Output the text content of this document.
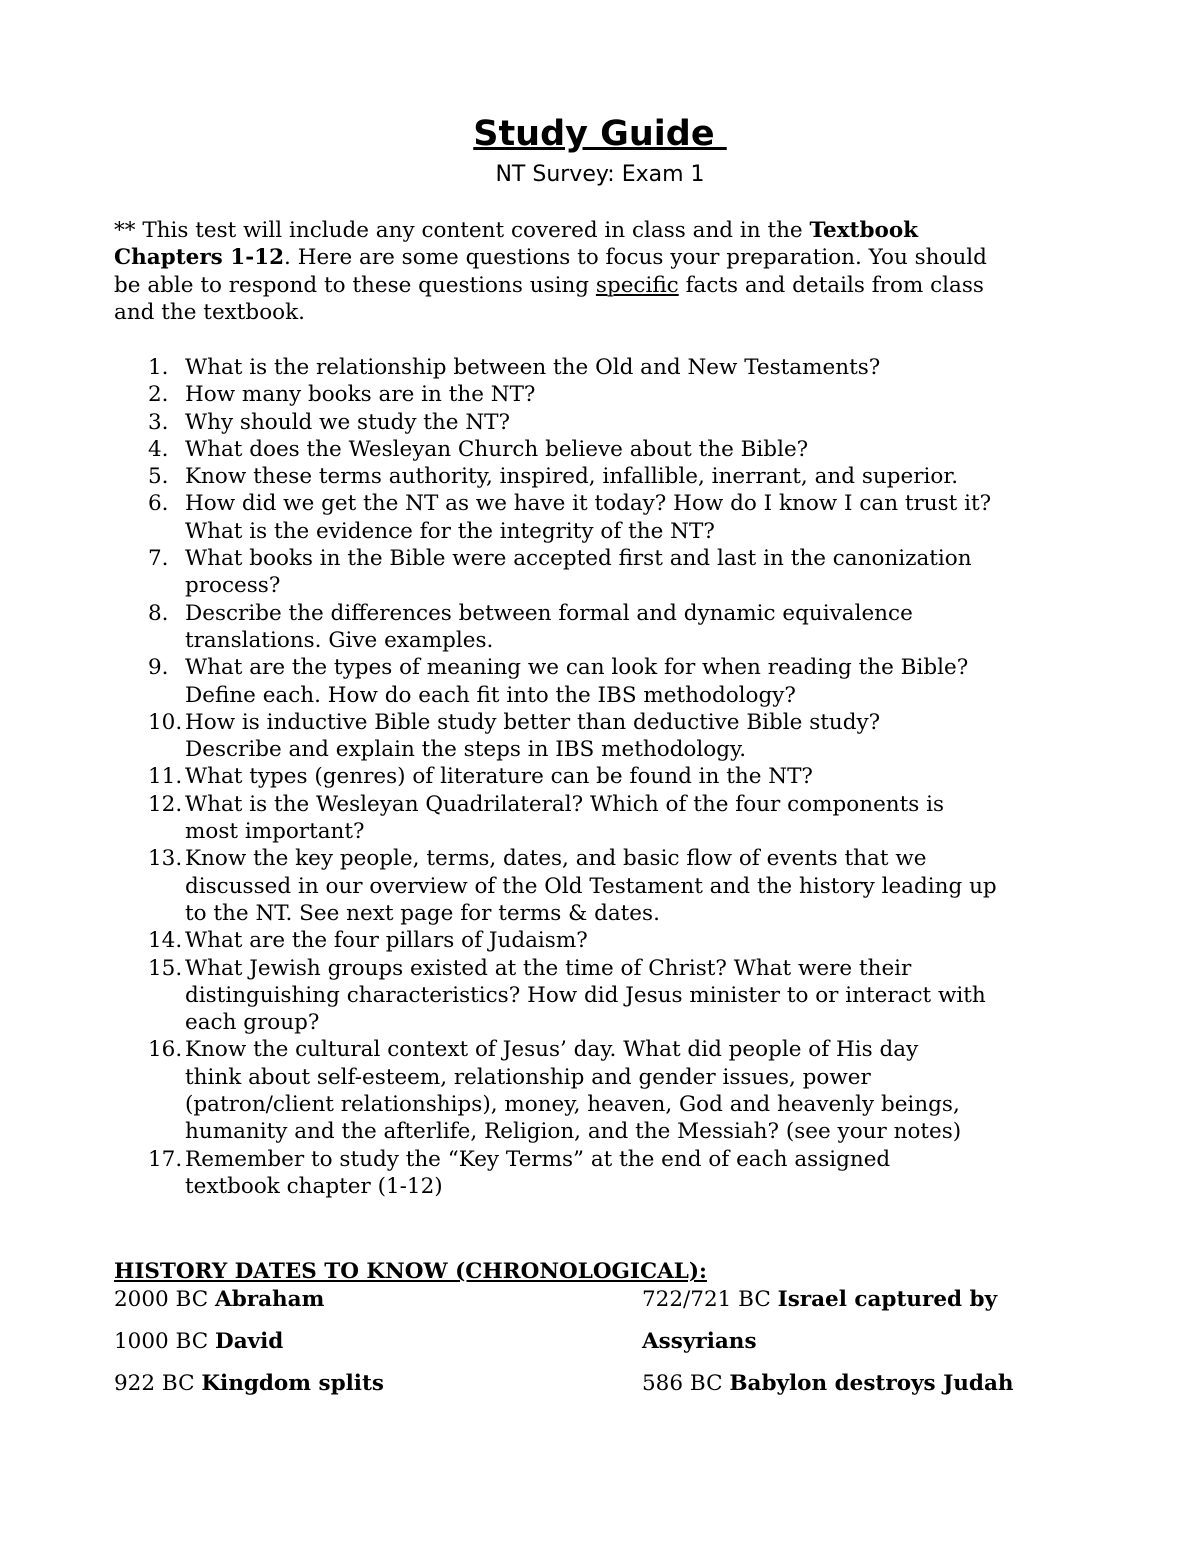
Study Guide
NT Survey: Exam 1
** This test will include any content covered in class and in the Textbook
Chapters 1-12. Here are some questions to focus your preparation. You should
be able to respond to these questions using specific facts and details from class
and the textbook.
1. What is the relationship between the Old and New Testaments?
2. How many books are in the NT?
3. Why should we study the NT?
4. What does the Wesleyan Church believe about the Bible?
5. Know these terms authority, inspired, infallible, inerrant, and superior.
6. How did we get the NT as we have it today? How do I know I can trust it?
What is the evidence for the integrity of the NT?
7. What books in the Bible were accepted first and last in the canonization
process?
8. Describe the differences between formal and dynamic equivalence
translations. Give examples.
9. What are the types of meaning we can look for when reading the Bible?
Define each. How do each fit into the IBS methodology?
10. How is inductive Bible study better than deductive Bible study?
Describe and explain the steps in IBS methodology.
11. What types (genres) of literature can be found in the NT?
12. What is the Wesleyan Quadrilateral? Which of the four components is
most important?
13. Know the key people, terms, dates, and basic flow of events that we
discussed in our overview of the Old Testament and the history leading up
to the NT. See next page for terms & dates.
14. What are the four pillars of Judaism?
15. What Jewish groups existed at the time of Christ? What were their
distinguishing characteristics? How did Jesus minister to or interact with
each group?
16. Know the cultural context of Jesus’ day. What did people of His day
think about self-esteem, relationship and gender issues, power
(patron/client relationships), money, heaven, God and heavenly beings,
humanity and the afterlife, Religion, and the Messiah? (see your notes)
17. Remember to study the “Key Terms” at the end of each assigned
textbook chapter (1-12)
HISTORY DATES TO KNOW (CHRONOLOGICAL):
2000 BC Abraham
1000 BC David
922 BC Kingdom splits
722/721 BC Israel captured by
Assyrians
586 BC Babylon destroys Judah
